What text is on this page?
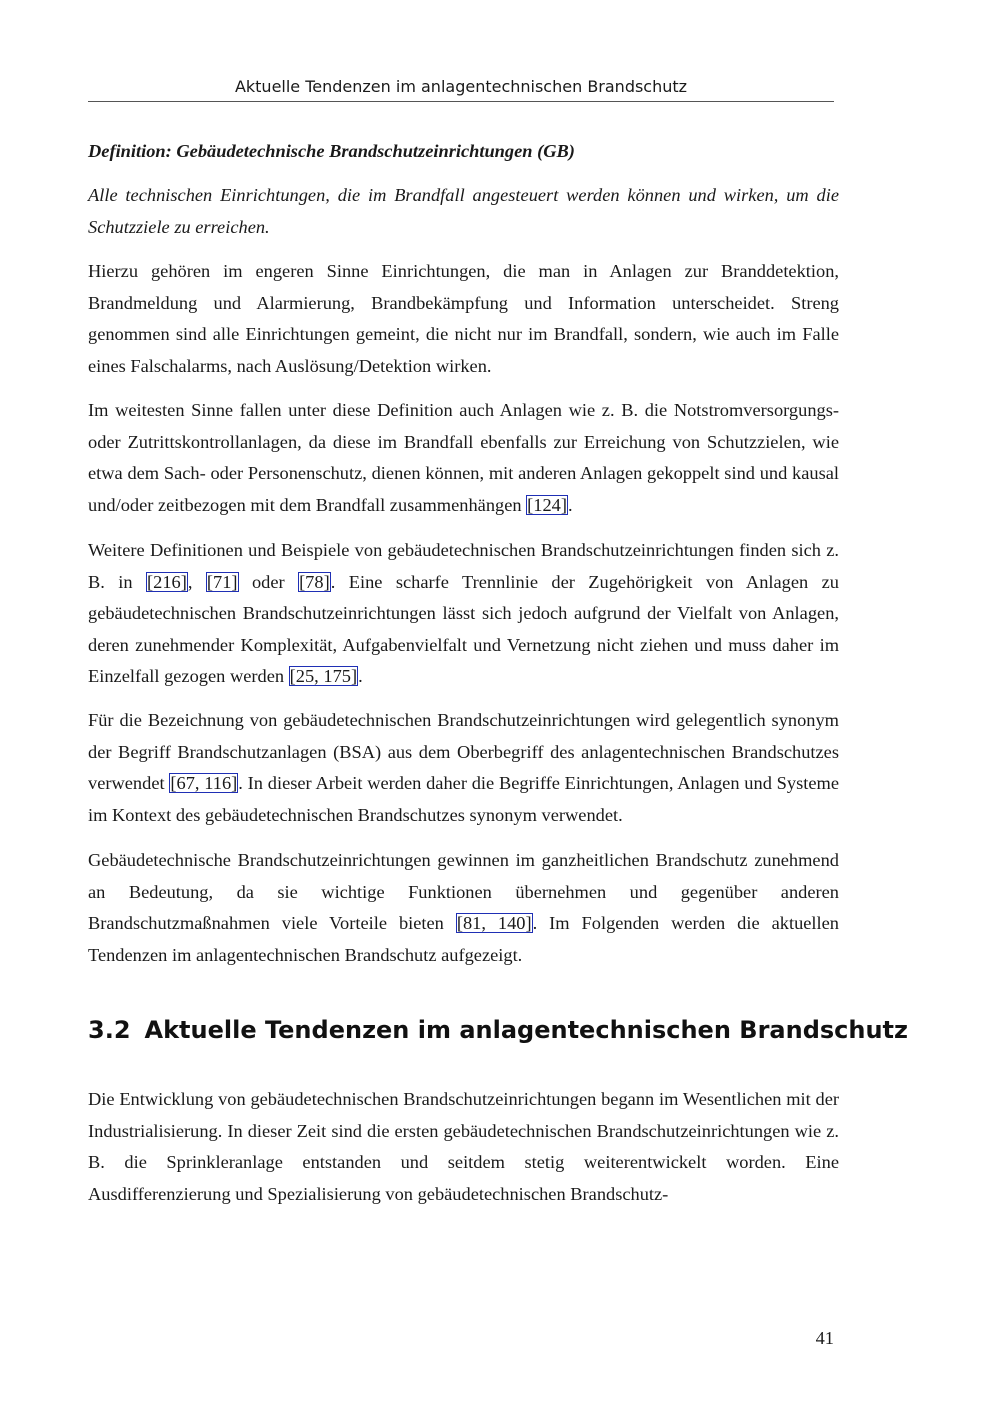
Aktuelle Tendenzen im anlagentechnischen Brandschutz

Definition: Gebäudetechnische Brandschutzeinrichtungen (GB)

Alle technischen Einrichtungen, die im Brandfall angesteuert werden können und wirken, um die Schutzziele zu erreichen.

Hierzu gehören im engeren Sinne Einrichtungen, die man in Anlagen zur Branddetektion, Brandmeldung und Alarmierung, Brandbekämpfung und Information unterscheidet. Streng genommen sind alle Einrichtungen gemeint, die nicht nur im Brandfall, sondern, wie auch im Falle eines Falschalarms, nach Auslösung/Detektion wirken.

Im weitesten Sinne fallen unter diese Definition auch Anlagen wie z. B. die Notstromversorgungs- oder Zutrittskontrollanlagen, da diese im Brandfall ebenfalls zur Erreichung von Schutzzielen, wie etwa dem Sach- oder Personenschutz, dienen können, mit anderen Anlagen gekoppelt sind und kausal und/oder zeitbezogen mit dem Brandfall zusammenhängen [124].

Weitere Definitionen und Beispiele von gebäudetechnischen Brandschutzeinrichtungen finden sich z. B. in [216], [71] oder [78]. Eine scharfe Trennlinie der Zugehörigkeit von Anlagen zu gebäudetechnischen Brandschutzeinrichtungen lässt sich jedoch aufgrund der Vielfalt von Anlagen, deren zunehmender Komplexität, Aufgabenvielfalt und Vernetzung nicht ziehen und muss daher im Einzelfall gezogen werden [25, 175].

Für die Bezeichnung von gebäudetechnischen Brandschutzeinrichtungen wird gelegentlich synonym der Begriff Brandschutzanlagen (BSA) aus dem Oberbegriff des anlagentechnischen Brandschutzes verwendet [67, 116]. In dieser Arbeit werden daher die Begriffe Einrichtungen, Anlagen und Systeme im Kontext des gebäudetechnischen Brandschutzes synonym verwendet.

Gebäudetechnische Brandschutzeinrichtungen gewinnen im ganzheitlichen Brandschutz zunehmend an Bedeutung, da sie wichtige Funktionen übernehmen und gegenüber anderen Brandschutzmaßnahmen viele Vorteile bieten [81, 140]. Im Folgenden werden die aktuellen Tendenzen im anlagentechnischen Brandschutz aufgezeigt.

3.2 Aktuelle Tendenzen im anlagentechnischen Brandschutz

Die Entwicklung von gebäudetechnischen Brandschutzeinrichtungen begann im Wesentlichen mit der Industrialisierung. In dieser Zeit sind die ersten gebäudetechnischen Brandschutzeinrichtungen wie z. B. die Sprinkleranlage entstanden und seitdem stetig weiterentwickelt worden. Eine Ausdifferenzierung und Spezialisierung von gebäudetechnischen Brandschutz-

41
